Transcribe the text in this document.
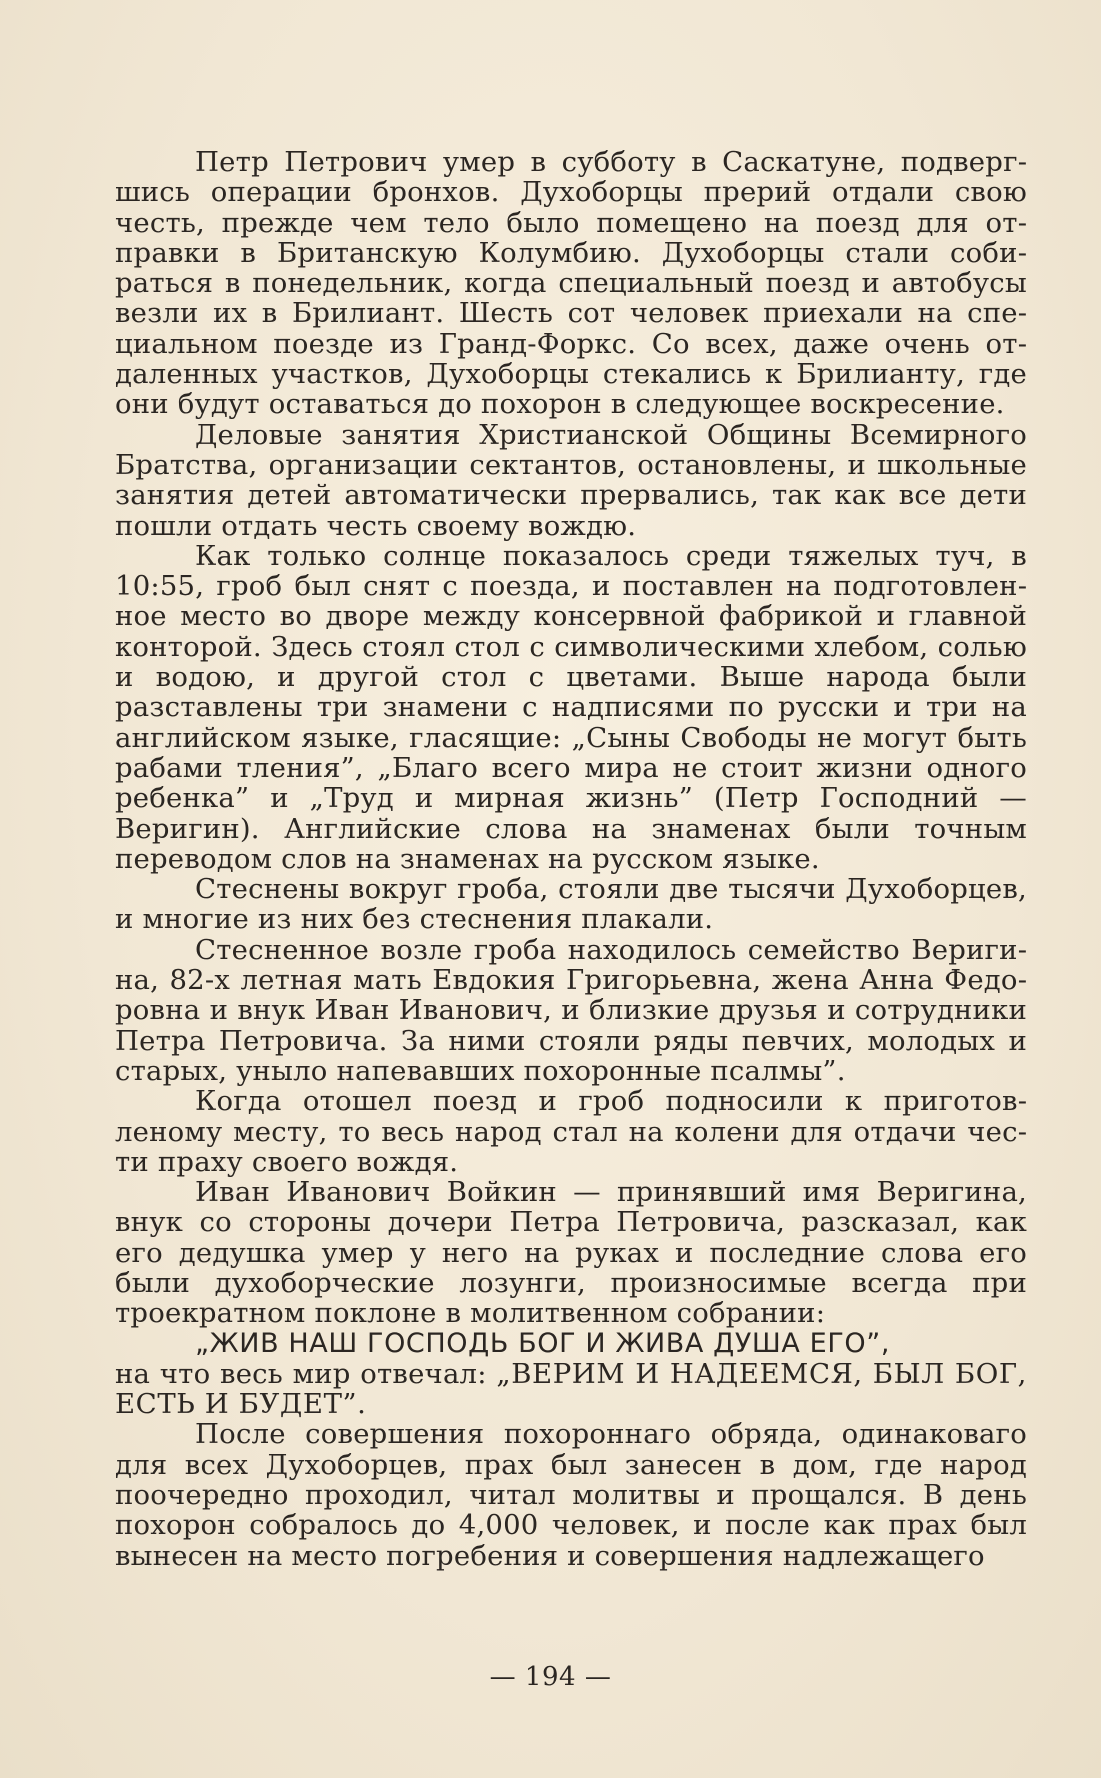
Петр Петрович умер в субботу в Саскатуне, подвергшись операции бронхов. Духоборцы прерий отдали свою честь, прежде чем тело было помещено на поезд для отправки в Британскую Колумбию. Духоборцы стали собираться в понедельник, когда специальный поезд и автобусы везли их в Брилиант. Шесть сот человек приехали на специальном поезде из Гранд-Форкс. Со всех, даже очень отдаленных участков, Духоборцы стекались к Брилианту, где они будут оставаться до похорон в следующее воскресение.

Деловые занятия Христианской Общины Всемирного Братства, организации сектантов, остановлены, и школьные занятия детей автоматически прервались, так как все дети пошли отдать честь своему вождю.

Как только солнце показалось среди тяжелых туч, в 10:55, гроб был снят с поезда, и поставлен на подготовленное место во дворе между консервной фабрикой и главной конторой. Здесь стоял стол с символическими хлебом, солью и водою, и другой стол с цветами. Выше народа были разставлены три знамени с надписями по русски и три на английском языке, гласящие: „Сыны Свободы не могут быть рабами тления”, „Благо всего мира не стоит жизни одного ребенка” и „Труд и мирная жизнь” (Петр Господний — Веригин). Английские слова на знаменах были точным переводом слов на знаменах на русском языке.

Стеснены вокруг гроба, стояли две тысячи Духоборцев, и многие из них без стеснения плакали.

Стесненное возле гроба находилось семейство Веригина, 82-х летная мать Евдокия Григорьевна, жена Анна Федоровна и внук Иван Иванович, и близкие друзья и сотрудники Петра Петровича. За ними стояли ряды певчих, молодых и старых, уныло напевавших похоронные псалмы”.

Когда отошел поезд и гроб подносили к приготовленому месту, то весь народ стал на колени для отдачи чести праху своего вождя.

Иван Иванович Войкин — принявший имя Веригина, внук со стороны дочери Петра Петровича, разсказал, как его дедушка умер у него на руках и последние слова его были духоборческие лозунги, произносимые всегда при троекратном поклоне в молитвенном собрании:

„ЖИВ НАШ ГОСПОДЬ БОГ И ЖИВА ДУША ЕГО”,

на что весь мир отвечал: „ВЕРИМ И НАДЕЕМСЯ, БЫЛ БОГ, ЕСТЬ И БУДЕТ”.

После совершения похороннаго обряда, одинаковаго для всех Духоборцев, прах был занесен в дом, где народ поочередно проходил, читал молитвы и прощался. В день похорон собралось до 4,000 человек, и после как прах был вынесен на место погребения и совершения надлежащего

— 194 —
